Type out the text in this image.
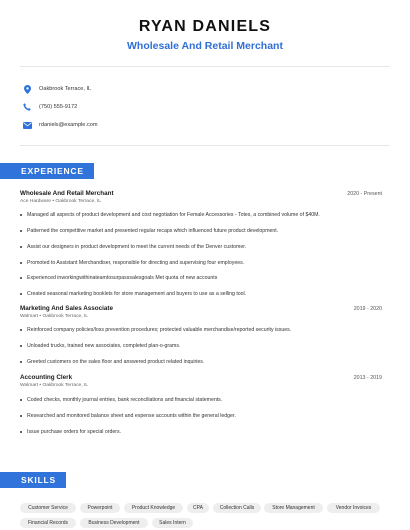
RYAN DANIELS
Wholesale And Retail Merchant
Oakbrook Terrace, IL
(750) 555-9172
rdaniels@example.com
EXPERIENCE
Wholesale And Retail Merchant	2020 - Present
Ace Hardware • Oakbrook Terrace, IL
Managed all aspects of product development and cost negotiation for Female Accessories - Totes, a combined volume of $40M.
Patterned the competitive market and presented regular recaps which influenced future product development.
Assist our designers in product development to meet the current needs of the Denver customer.
Promoted to Assistant Merchandiser, responsible for directing and supervising four employees.
Experienced inworkingwithinateamtosurpasssalesgoals Met quota of new accounts
Created seasonal marketing booklets for store management and buyers to use as a selling tool.
Marketing And Sales Associate	2019 - 2020
Walmart • Oakbrook Terrace, IL
Reinforced company policies/loss prevention procedures; protected valuable merchandise/reported security issues.
Unloaded trucks, trained new associates, completed plan-o-grams.
Greeted customers on the sales floor and answered product related inquiries.
Accounting Clerk	2013 - 2019
Walmart • Oakbrook Terrace, IL
Coded checks, monthly journal entries, bank reconciliations and financial statements.
Researched and monitored balance sheet and expense accounts within the general ledger.
Issue purchase orders for special orders.
SKILLS
Customer Service	Powerpoint	Product Knowledge	CPA	Collection Calls	Store Management	Vendor Invoices
Financial Records	Business Development	Sales Intern
